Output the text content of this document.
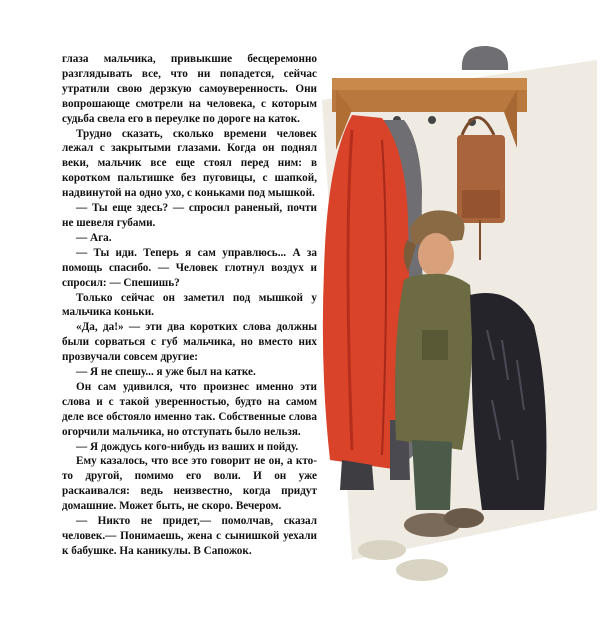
глаза мальчика, привыкшие бесцеремонно разглядывать все, что ни попадется, сейчас утратили свою дерзкую самоуверенность. Они вопрошающе смотрели на человека, с которым судьба свела его в переулке по дороге на каток.

Трудно сказать, сколько времени человек лежал с закрытыми глазами. Когда он поднял веки, мальчик все еще стоял перед ним: в коротком пальтишке без пуговицы, с шапкой, надвинутой на одно ухо, с коньками под мышкой.

— Ты еще здесь? — спросил раненый, почти не шевеля губами.

— Ага.

— Ты иди. Теперь я сам управлюсь... А за помощь спасибо. — Человек глотнул воздух и спросил: — Спешишь?

Только сейчас он заметил под мышкой у мальчика коньки.

«Да, да!» — эти два коротких слова должны были сорваться с губ мальчика, но вместо них прозвучали совсем другие:

— Я не спешу... я уже был на катке.

Он сам удивился, что произнес именно эти слова и с такой уверенностью, будто на самом деле все обстояло именно так. Собственные слова огорчили мальчика, но отступать было нельзя.

— Я дождусь кого-нибудь из ваших и пойду.

Ему казалось, что все это говорит не он, а кто-то другой, помимо его воли. И он уже раскаивался: ведь неизвестно, когда придут домашние. Может быть, не скоро. Вечером.

— Никто не придет,— помолчав, сказал человек.— Понимаешь, жена с сынишкой уехали к бабушке. На каникулы. В Сапожок.
